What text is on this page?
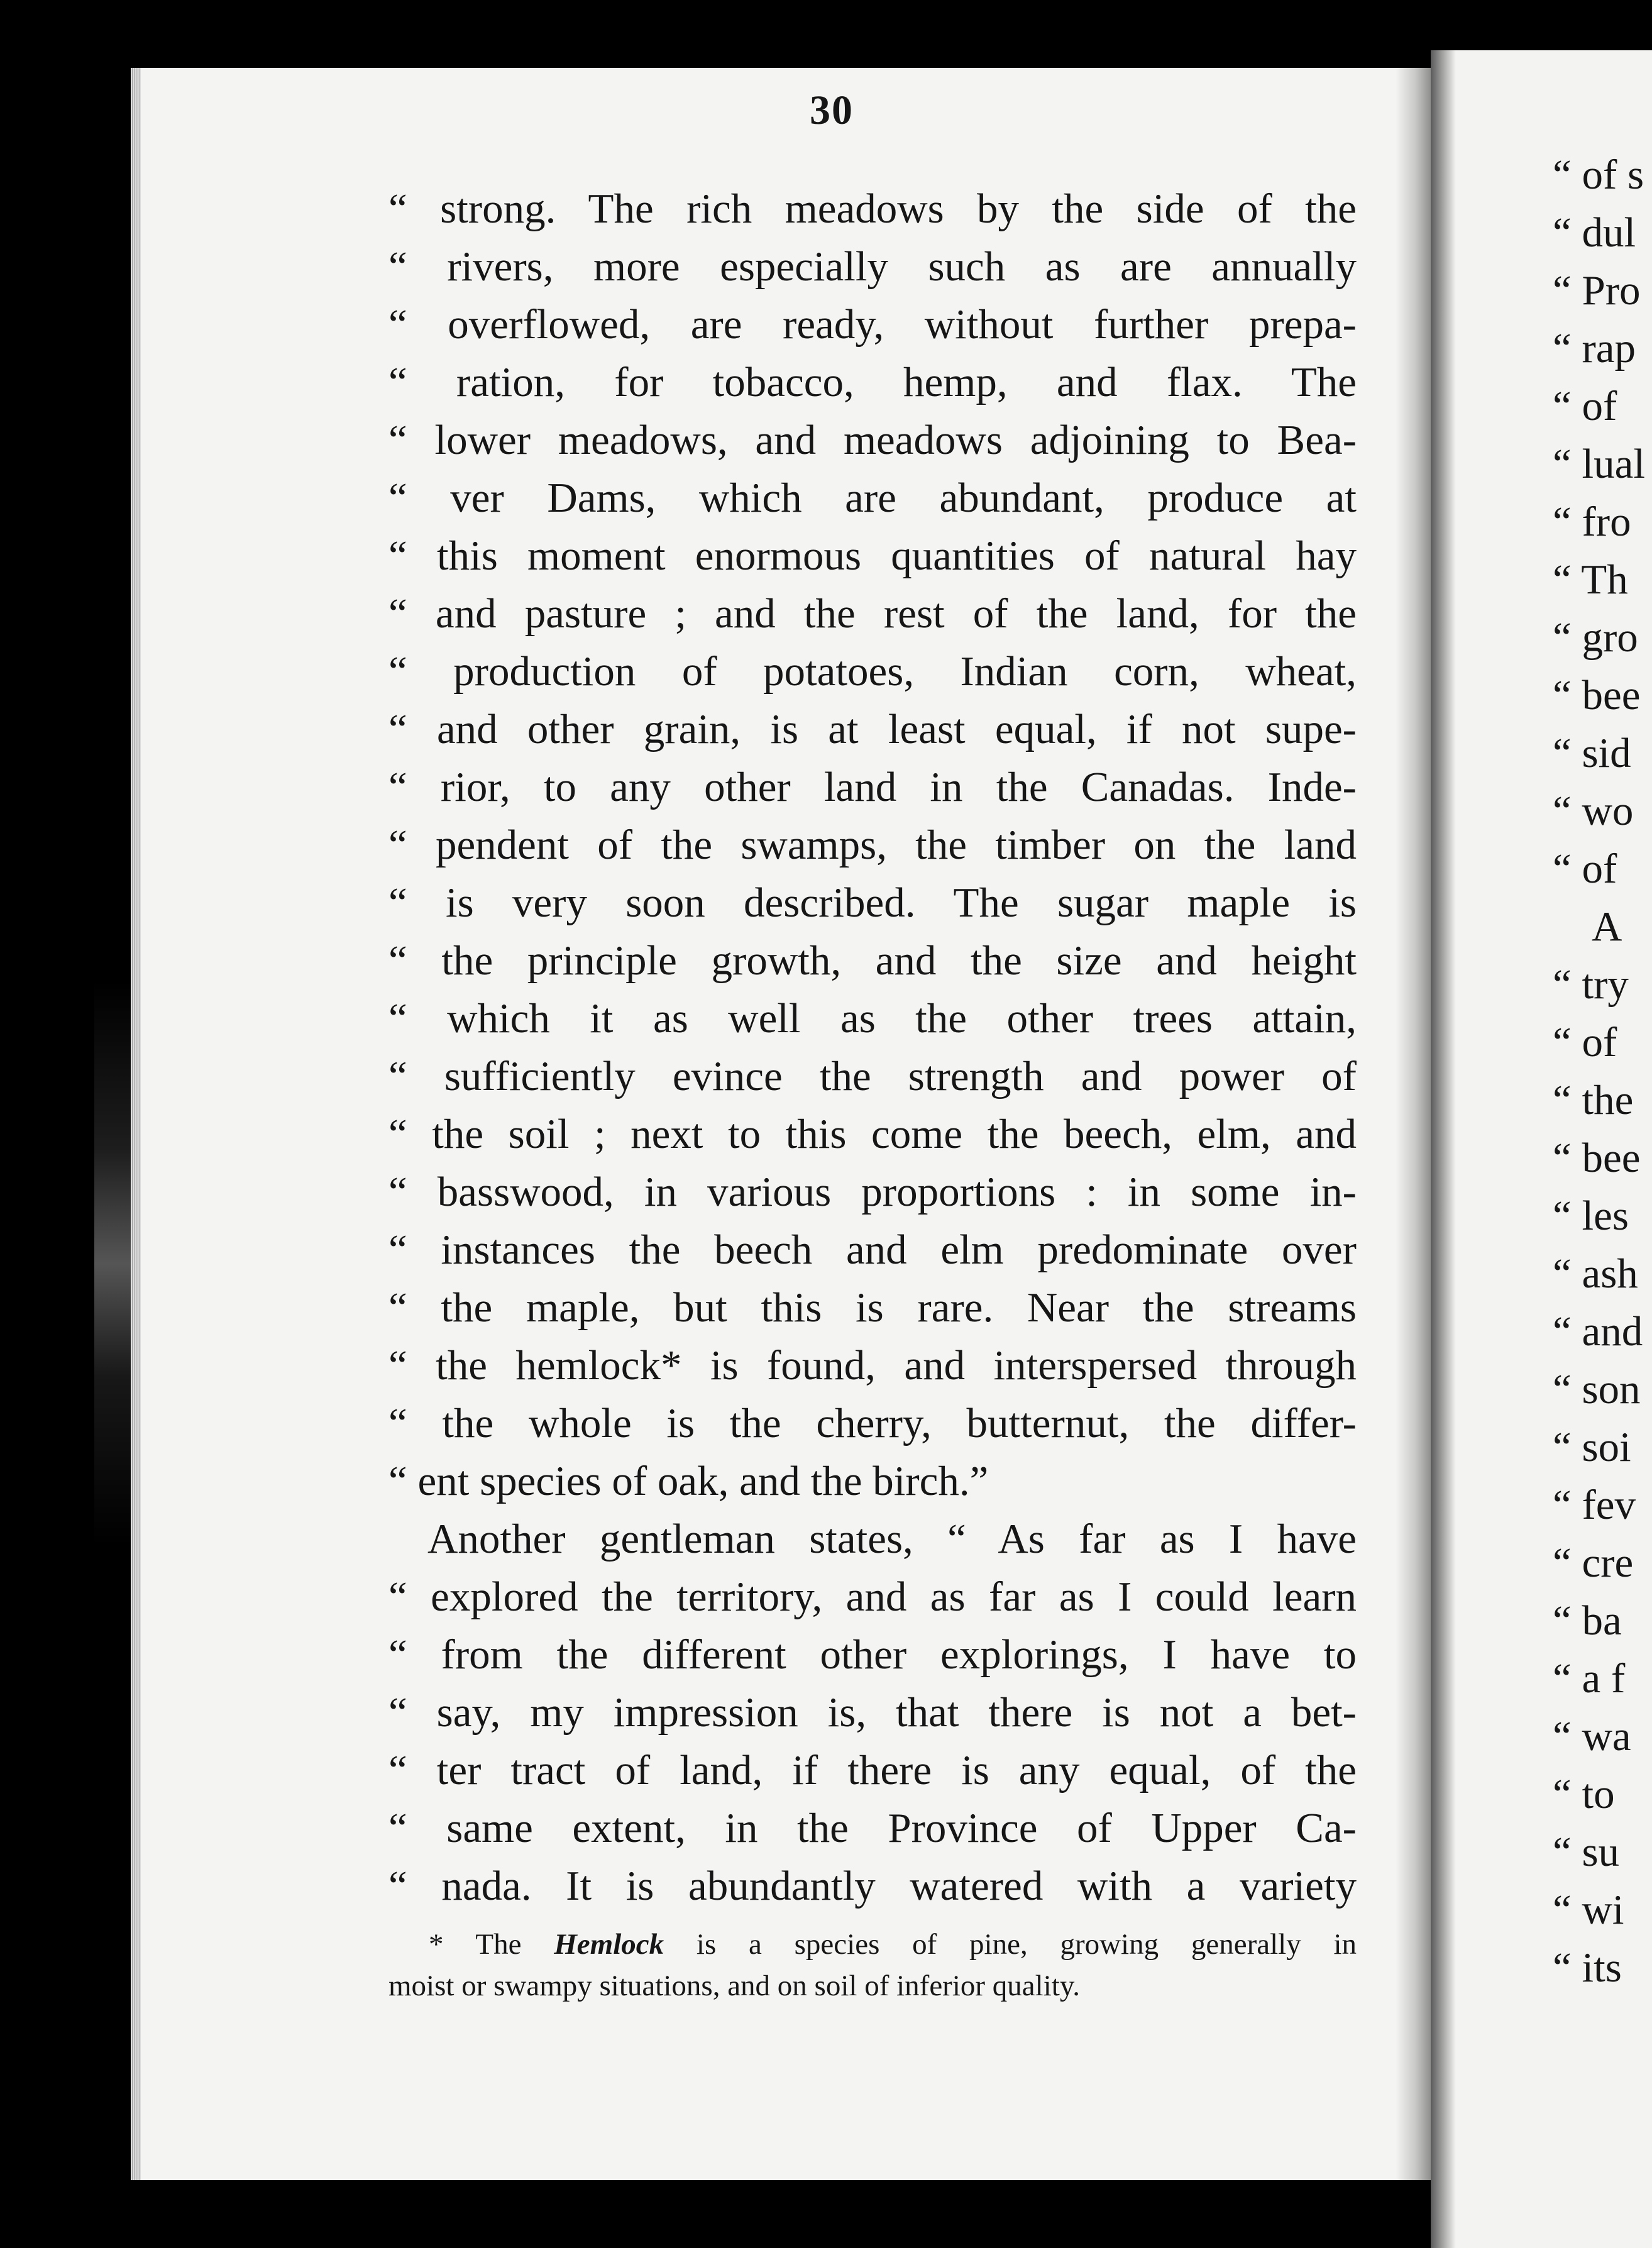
30
“ strong. The rich meadows by the side of the
“ rivers, more especially such as are annually
“ overflowed, are ready, without further prepa-
“ ration, for tobacco, hemp, and flax. The
“ lower meadows, and meadows adjoining to Bea-
“ ver Dams, which are abundant, produce at
“ this moment enormous quantities of natural hay
“ and pasture ; and the rest of the land, for the
“ production of potatoes, Indian corn, wheat,
“ and other grain, is at least equal, if not supe-
“ rior, to any other land in the Canadas. Inde-
“ pendent of the swamps, the timber on the land
“ is very soon described. The sugar maple is
“ the principle growth, and the size and height
“ which it as well as the other trees attain,
“ sufficiently evince the strength and power of
“ the soil ; next to this come the beech, elm, and
“ basswood, in various proportions : in some in-
“ instances the beech and elm predominate over
“ the maple, but this is rare. Near the streams
“ the hemlock* is found, and interspersed through
“ the whole is the cherry, butternut, the differ-
“ ent species of oak, and the birch.”
Another gentleman states, “ As far as I have
“ explored the territory, and as far as I could learn
“ from the different other explorings, I have to
“ say, my impression is, that there is not a bet-
“ ter tract of land, if there is any equal, of the
“ same extent, in the Province of Upper Ca-
“ nada. It is abundantly watered with a variety
* The Hemlock is a species of pine, growing generally in
moist or swampy situations, and on soil of inferior quality.
“ of s
“ dul
“ Pro
“ rap
“ of
“ lual
“ fro
“ Th
“ gro
“ bee
“ sid
“ wo
“ of
A
“ try
“ of
“ the
“ bee
“ les
“ ash
“ and
“ son
“ soi
“ fev
“ cre
“ ba
“ a f
“ wa
“ to
“ su
“ wi
“ its
